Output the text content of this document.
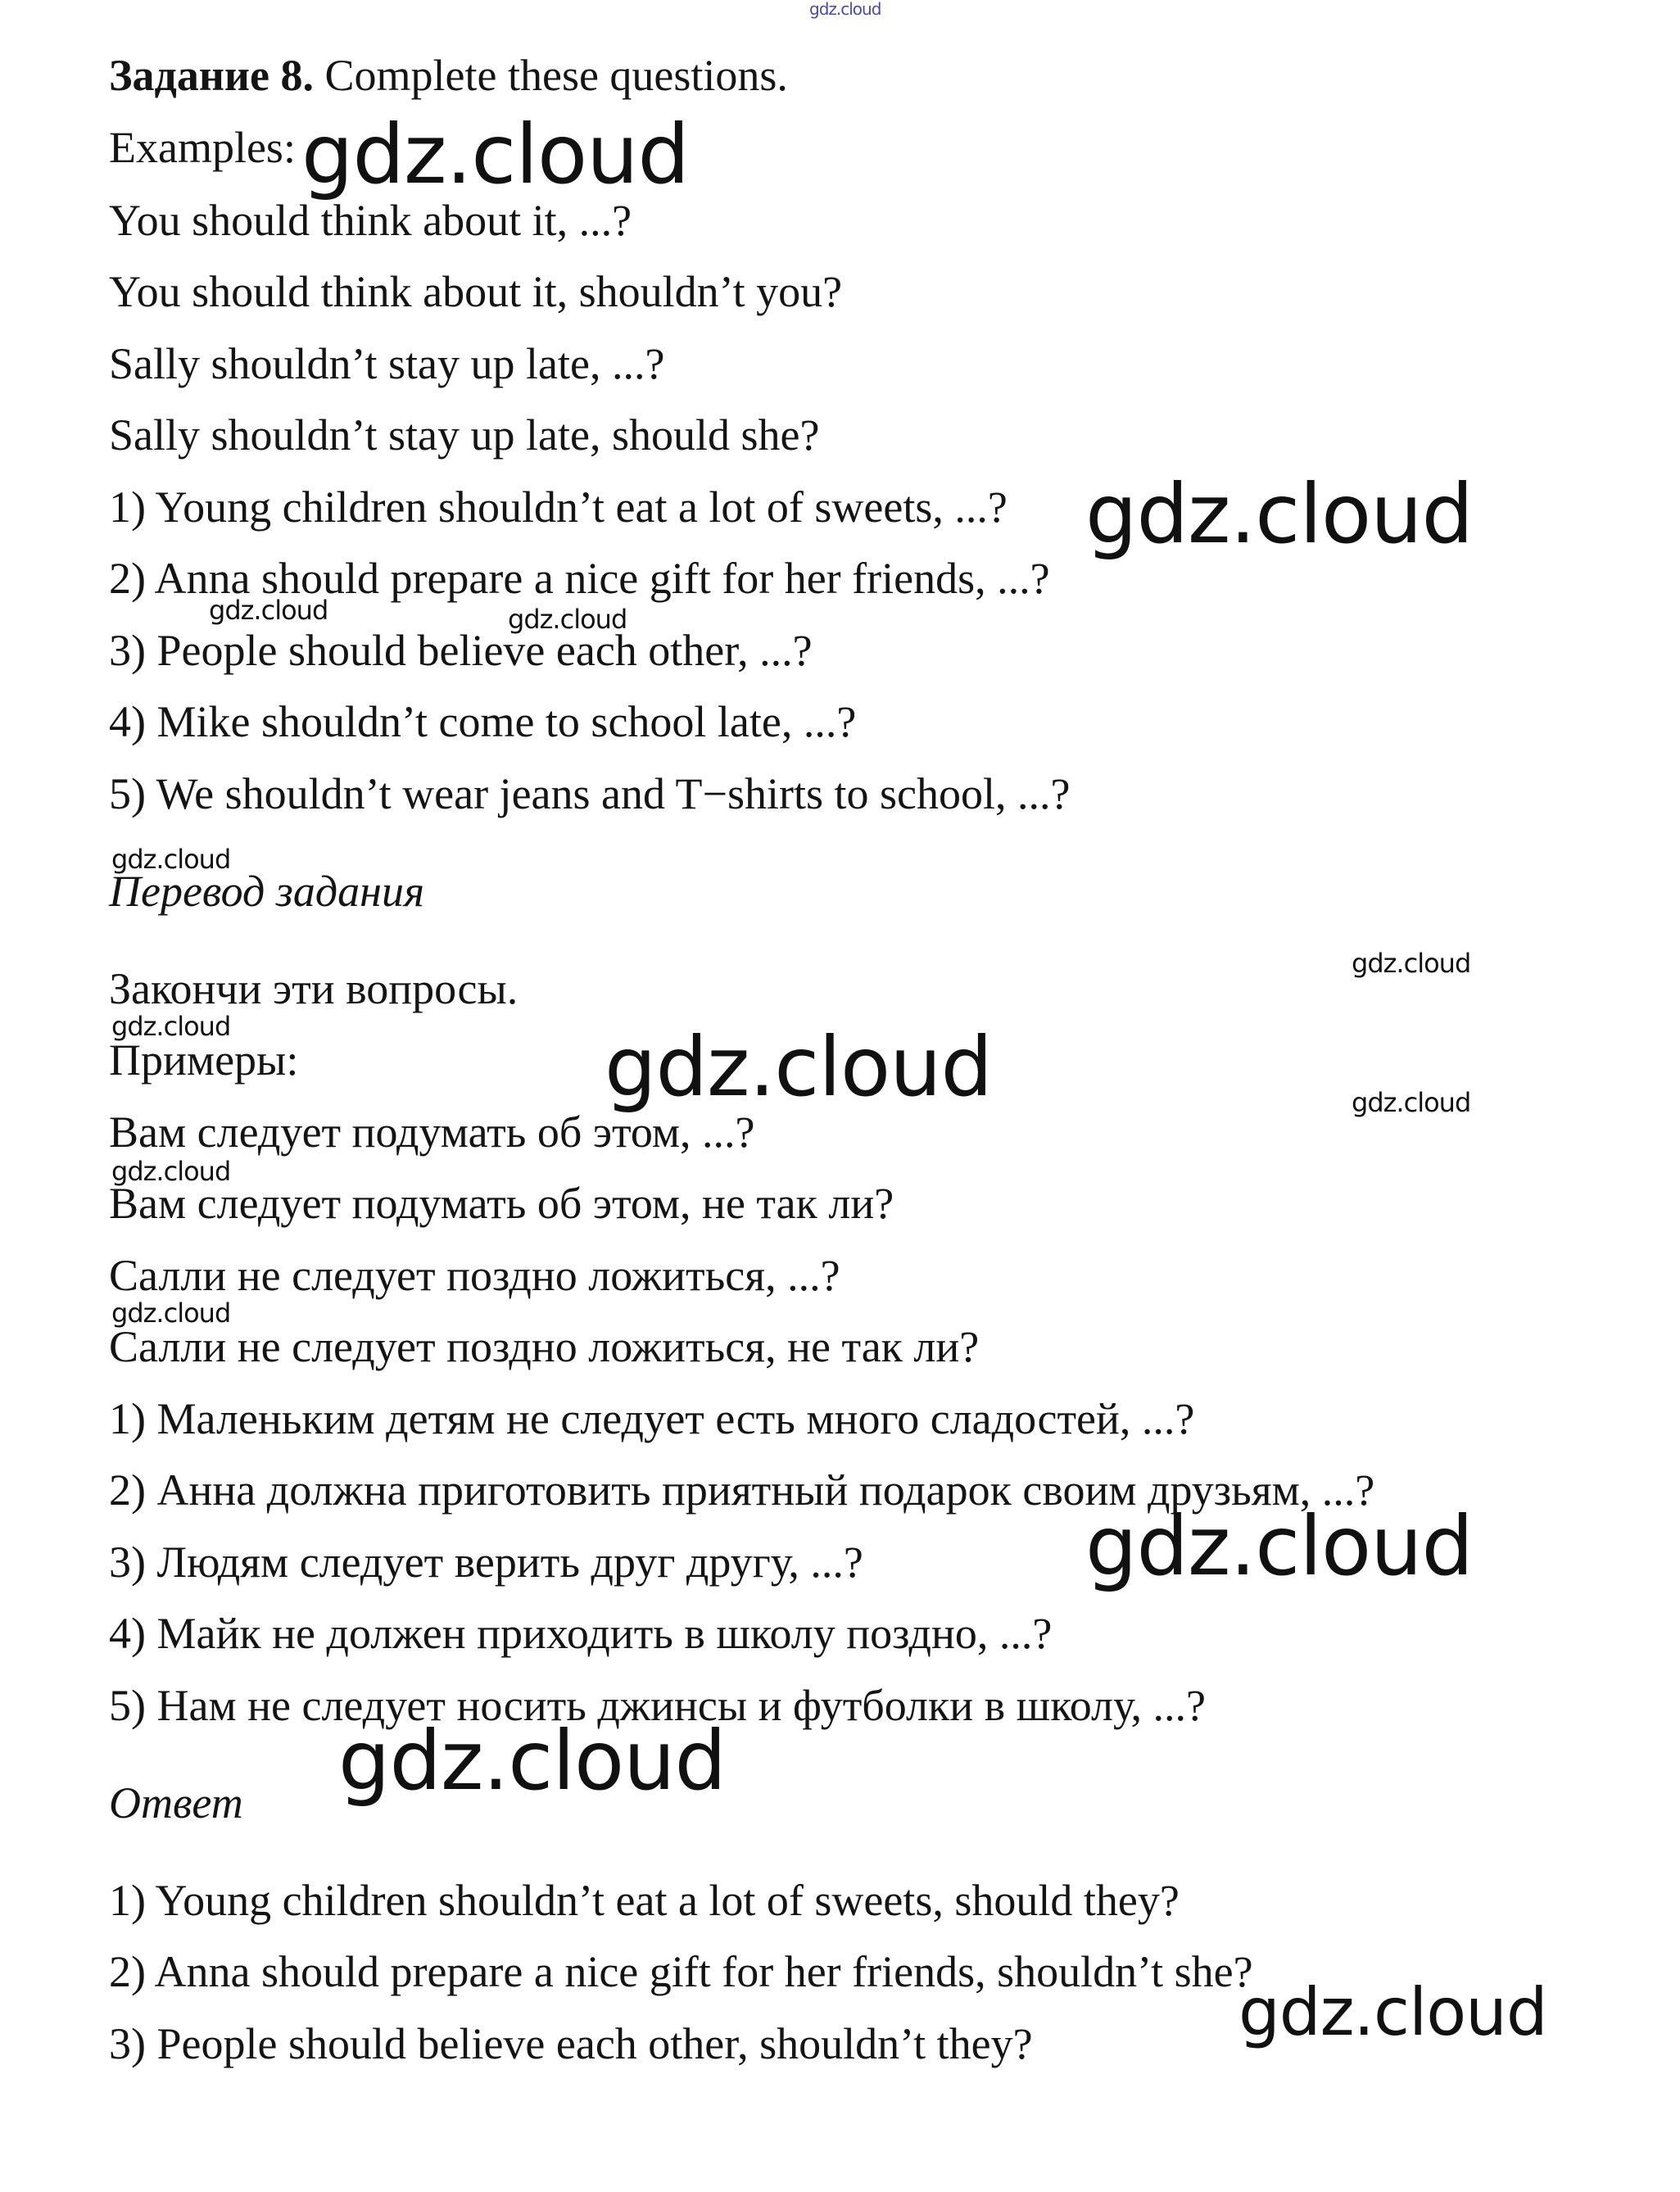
Задание 8. Complete these questions.
Examples:
You should think about it, ...?
You should think about it, shouldn’t you?
Sally shouldn’t stay up late, ...?
Sally shouldn’t stay up late, should she?
1) Young children shouldn’t eat a lot of sweets, ...?
2) Anna should prepare a nice gift for her friends, ...?
3) People should believe each other, ...?
4) Mike shouldn’t come to school late, ...?
5) We shouldn’t wear jeans and T−shirts to school, ...?
Перевод задания
Закончи эти вопросы.
Примеры:
Вам следует подумать об этом, ...?
Вам следует подумать об этом, не так ли?
Салли не следует поздно ложиться, ...?
Салли не следует поздно ложиться, не так ли?
1) Маленьким детям не следует есть много сладостей, ...?
2) Анна должна приготовить приятный подарок своим друзьям, ...?
3) Людям следует верить друг другу, ...?
4) Майк не должен приходить в школу поздно, ...?
5) Нам не следует носить джинсы и футболки в школу, ...?
Ответ
1) Young children shouldn’t eat a lot of sweets, should they?
2) Anna should prepare a nice gift for her friends, shouldn’t she?
3) People should believe each other, shouldn’t they?
gdz.cloud
gdz.cloud
gdz.cloud
gdz.cloud	gdz.cloud
gdz.cloud
gdz.cloud
gdz.cloud	gdz.cloud	gdz.cloud
gdz.cloud
gdz.cloud
gdz.cloud
gdz.cloud
gdz.cloud
